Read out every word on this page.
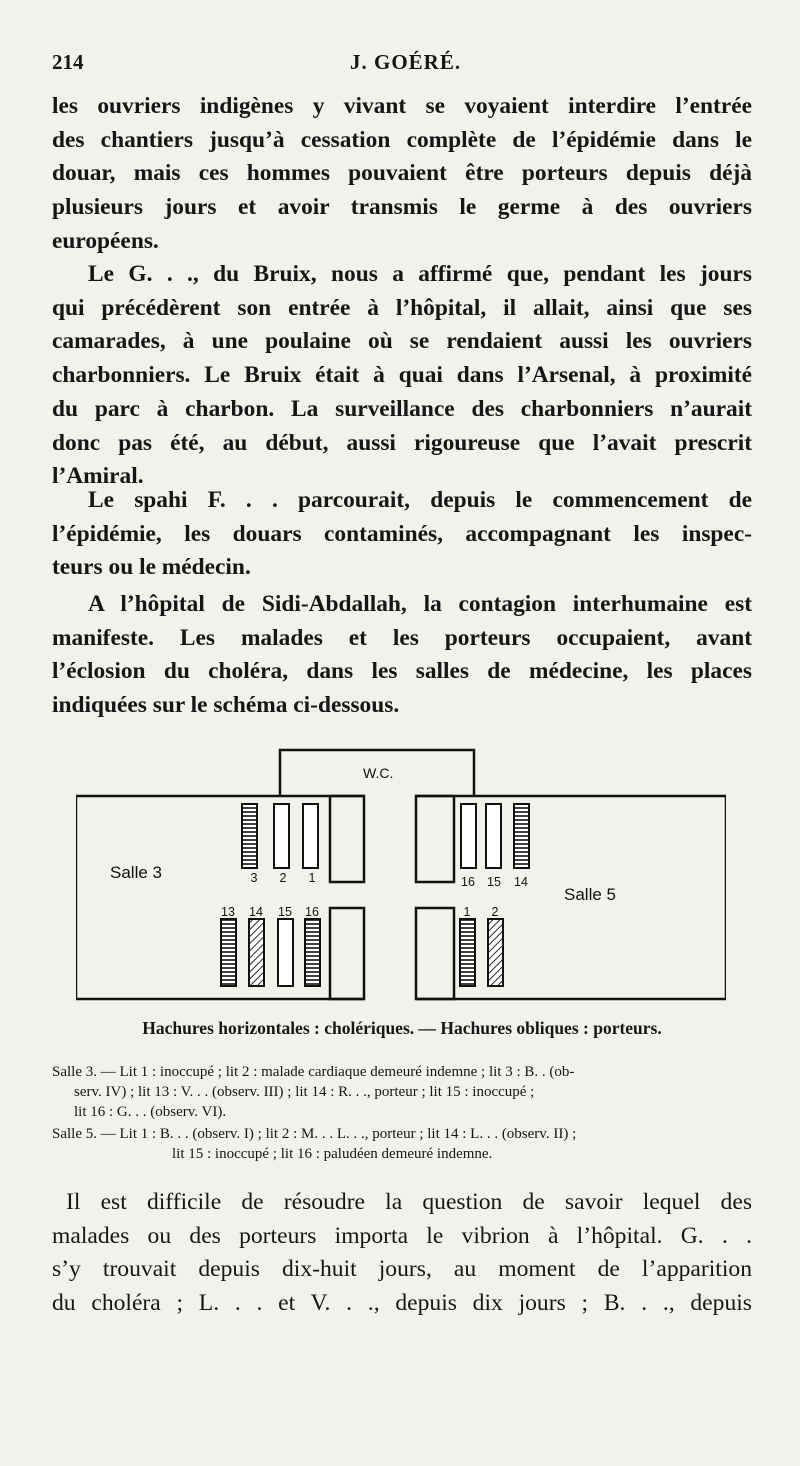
214	J. GOÉRÉ.

les ouvriers indigènes y vivant se voyaient interdire l’entrée
des chantiers jusqu’à cessation complète de l’épidémie dans le
douar, mais ces hommes pouvaient être porteurs depuis déjà
plusieurs jours et avoir transmis le germe à des ouvriers
européens.

Le G. . ., du Bruix, nous a affirmé que, pendant les jours
qui précédèrent son entrée à l’hôpital, il allait, ainsi que ses
camarades, à une poulaine où se rendaient aussi les ouvriers
charbonniers. Le Bruix était à quai dans l’Arsenal, à proximité
du parc à charbon. La surveillance des charbonniers n’aurait
donc pas été, au début, aussi rigoureuse que l’avait prescrit
l’Amiral.

Le spahi F. . . parcourait, depuis le commencement de
l’épidémie, les douars contaminés, accompagnant les inspec-
teurs ou le médecin.

A l’hôpital de Sidi-Abdallah, la contagion interhumaine est
manifeste. Les malades et les porteurs occupaient, avant
l’éclosion du choléra, dans les salles de médecine, les places
indiquées sur le schéma ci-dessous.

W.C.
Salle 3
Salle 5
3 2 1
13 14 15 16
16 15 14
1 2
Hachures horizontales : cholériques. — Hachures obliques : porteurs.

Salle 3. — Lit 1 : inoccupé ; lit 2 : malade cardiaque demeuré indemne ; lit 3 : B. . (ob-
serv. IV) ; lit 13 : V. . . (observ. III) ; lit 14 : R. . ., porteur ; lit 15 : inoccupé ;
lit 16 : G. . . (observ. VI).

Salle 5. — Lit 1 : B. . . (observ. I) ; lit 2 : M. . . L. . ., porteur ; lit 14 : L. . . (observ. II) ;
lit 15 : inoccupé ; lit 16 : paludéen demeuré indemne.

Il est difficile de résoudre la question de savoir lequel des
malades ou des porteurs importa le vibrion à l’hôpital. G. . .
s’y trouvait depuis dix-huit jours, au moment de l’apparition
du choléra ; L. . . et V. . ., depuis dix jours ; B. . ., depuis
